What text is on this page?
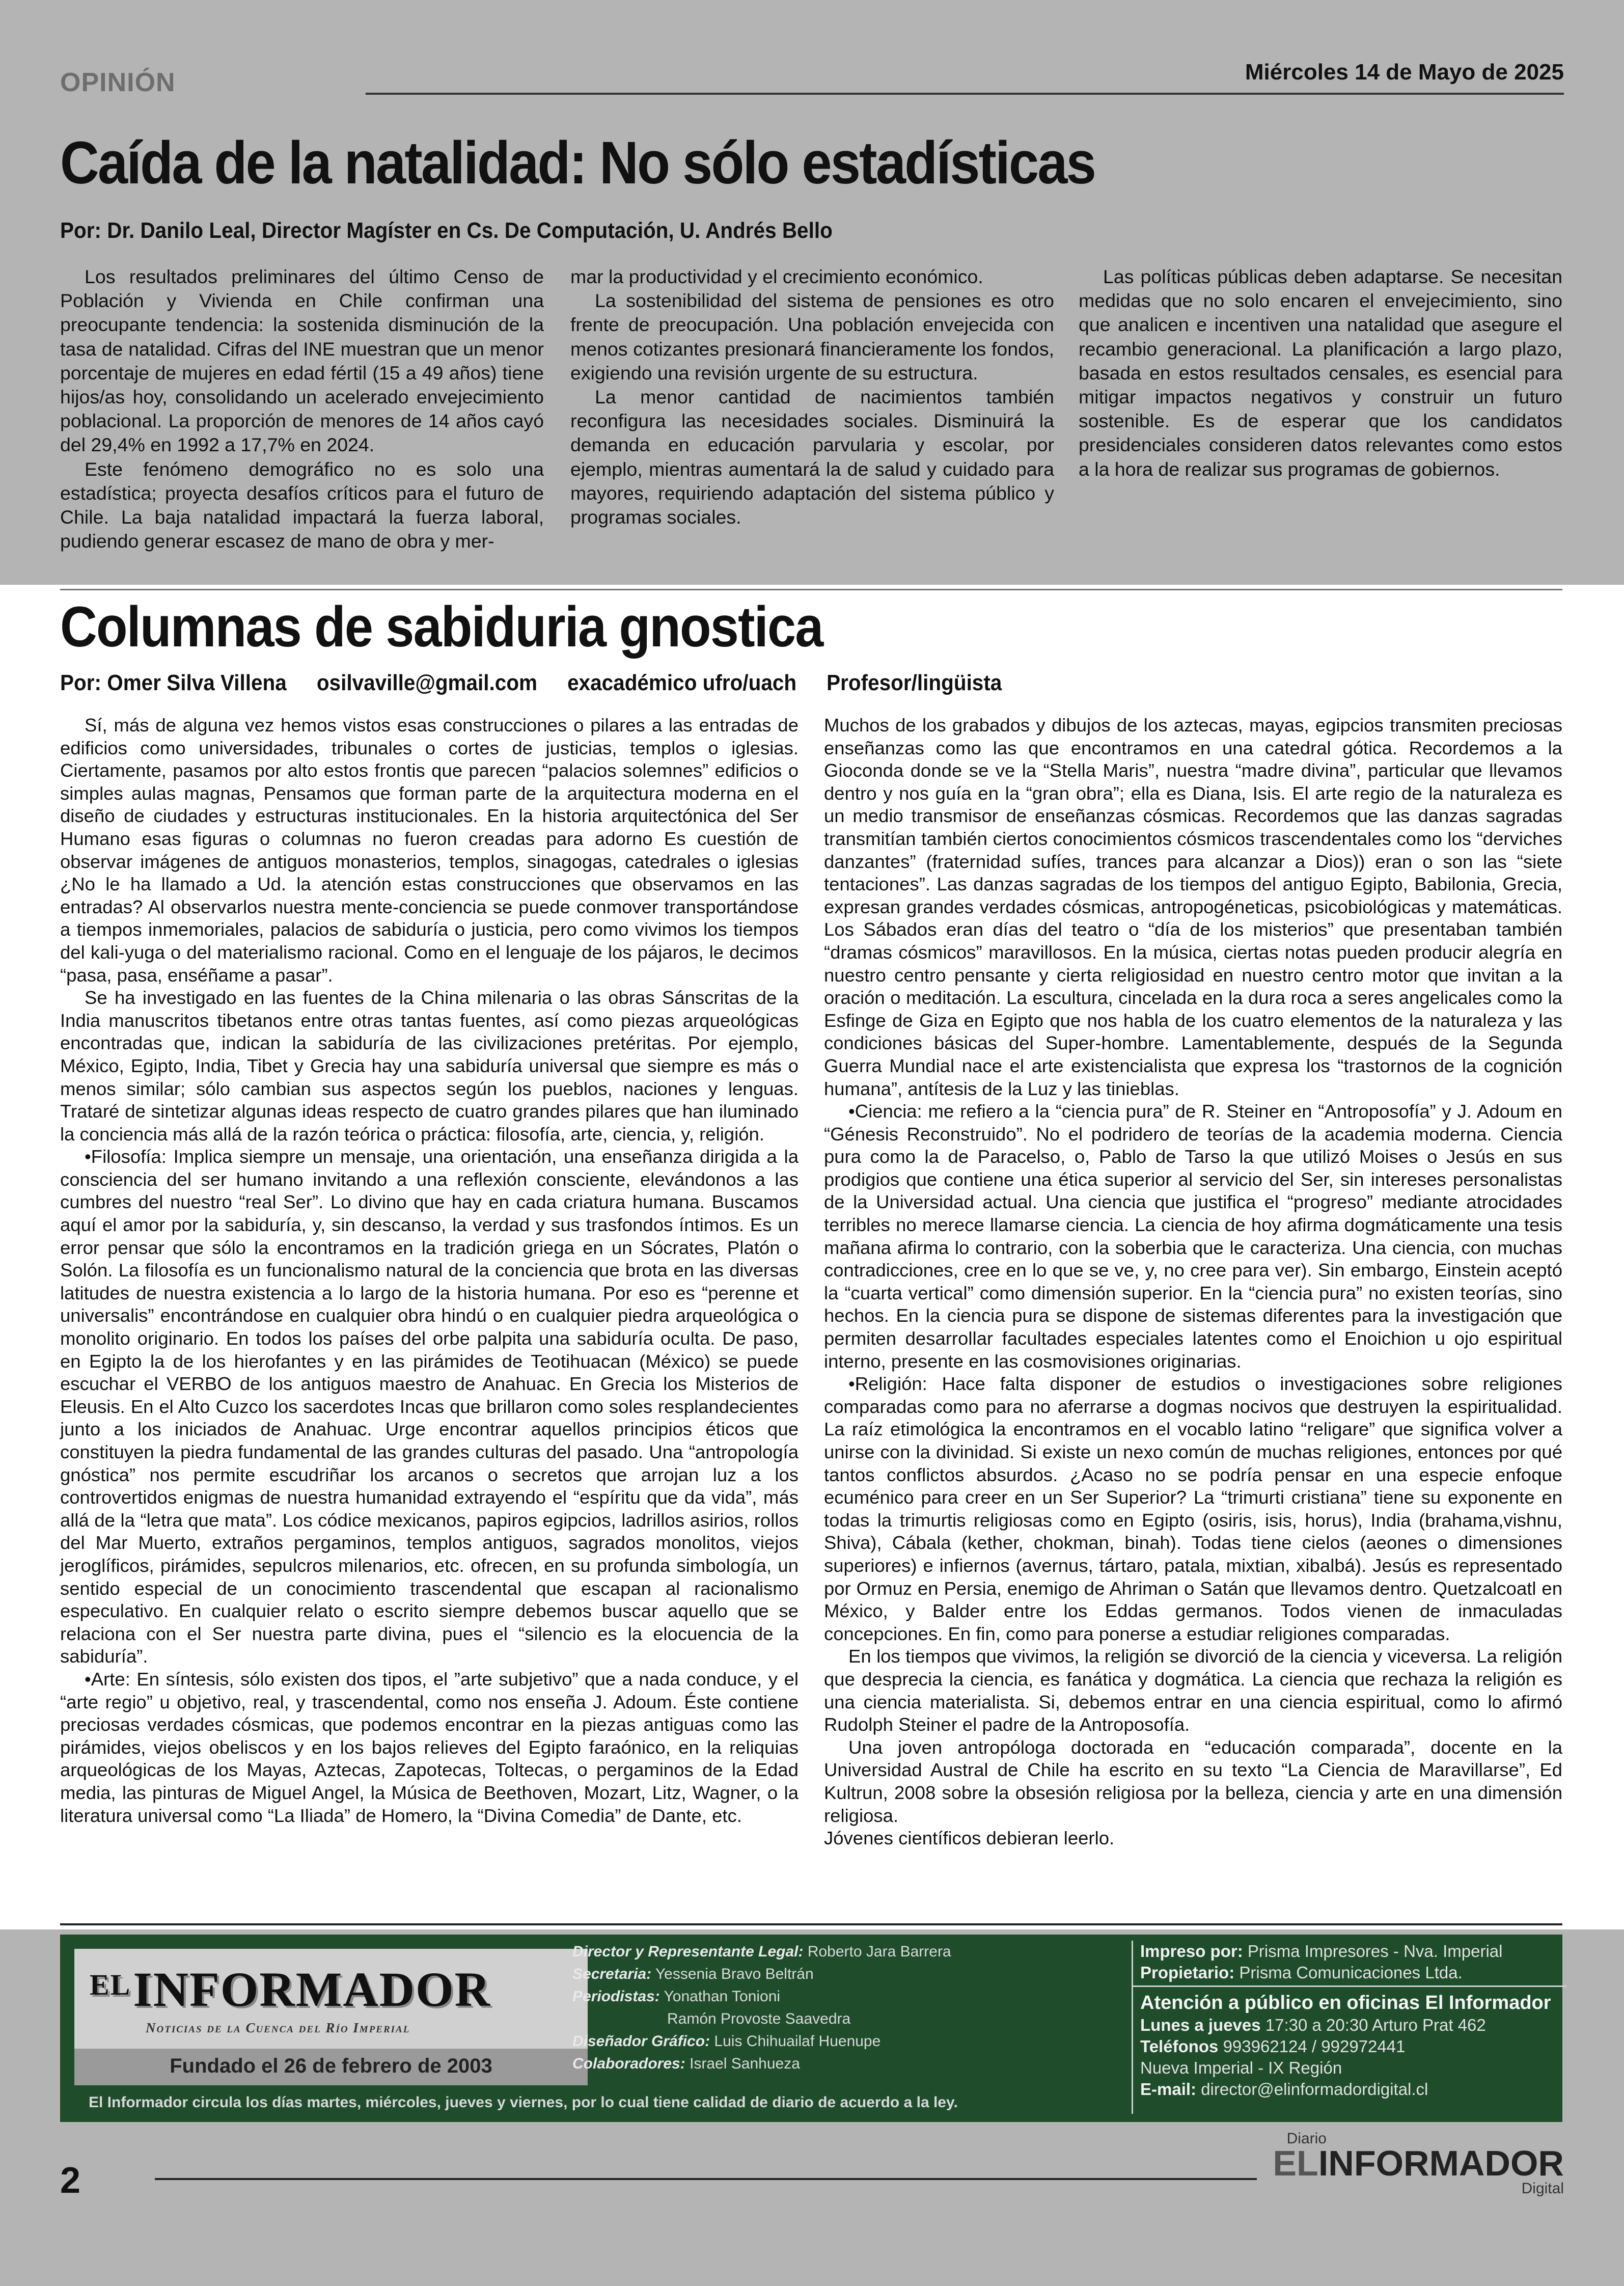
OPINIÓN	Miércoles 14 de Mayo de 2025
Caída de la natalidad: No sólo estadísticas
Por: Dr. Danilo Leal, Director Magíster en Cs. De Computación, U. Andrés Bello

Los resultados preliminares del último Censo de Población y Vivienda en Chile confirman una preocupante tendencia: la sostenida disminución de la tasa de natalidad. Cifras del INE muestran que un menor porcentaje de mujeres en edad fértil (15 a 49 años) tiene hijos/as hoy, consolidando un acelerado envejecimiento poblacional. La proporción de menores de 14 años cayó del 29,4% en 1992 a 17,7% en 2024.

Este fenómeno demográfico no es solo una estadística; proyecta desafíos críticos para el futuro de Chile. La baja natalidad impactará la fuerza laboral, pudiendo generar escasez de mano de obra y mer-

mar la productividad y el crecimiento económico.

La sostenibilidad del sistema de pensiones es otro frente de preocupación. Una población envejecida con menos cotizantes presionará financieramente los fondos, exigiendo una revisión urgente de su estructura.

La menor cantidad de nacimientos también reconfigura las necesidades sociales. Disminuirá la demanda en educación parvularia y escolar, por ejemplo, mientras aumentará la de salud y cuidado para mayores, requiriendo adaptación del sistema público y programas sociales.

Las políticas públicas deben adaptarse. Se necesitan medidas que no solo encaren el envejecimiento, sino que analicen e incentiven una natalidad que asegure el recambio generacional. La planificación a largo plazo, basada en estos resultados censales, es esencial para mitigar impactos negativos y construir un futuro sostenible. Es de esperar que los candidatos presidenciales consideren datos relevantes como estos a la hora de realizar sus programas de gobiernos.

Columnas de sabiduria gnostica
Por: Omer Silva Villena osilvaville@gmail.com exacadémico ufro/uach Profesor/lingüista

Sí, más de alguna vez hemos vistos esas construcciones o pilares a las entradas de edificios como universidades, tribunales o cortes de justicias, templos o iglesias. Ciertamente, pasamos por alto estos frontis que parecen “palacios solemnes” edificios o simples aulas magnas, Pensamos que forman parte de la arquitectura moderna en el diseño de ciudades y estructuras institucionales. En la historia arquitectónica del Ser Humano esas figuras o columnas no fueron creadas para adorno Es cuestión de observar imágenes de antiguos monasterios, templos, sinagogas, catedrales o iglesias ¿No le ha llamado a Ud. la atención estas construcciones que observamos en las entradas? Al observarlos nuestra mente-conciencia se puede conmover transportándose a tiempos inmemoriales, palacios de sabiduría o justicia, pero como vivimos los tiempos del kali-yuga o del materialismo racional. Como en el lenguaje de los pájaros, le decimos “pasa, pasa, enséñame a pasar”.

Se ha investigado en las fuentes de la China milenaria o las obras Sánscritas de la India manuscritos tibetanos entre otras tantas fuentes, así como piezas arqueológicas encontradas que, indican la sabiduría de las civilizaciones pretéritas. Por ejemplo, México, Egipto, India, Tibet y Grecia hay una sabiduría universal que siempre es más o menos similar; sólo cambian sus aspectos según los pueblos, naciones y lenguas. Trataré de sintetizar algunas ideas respecto de cuatro grandes pilares que han iluminado la conciencia más allá de la razón teórica o práctica: filosofía, arte, ciencia, y, religión.

•Filosofía: Implica siempre un mensaje, una orientación, una enseñanza dirigida a la consciencia del ser humano invitando a una reflexión consciente, elevándonos a las cumbres del nuestro “real Ser”. Lo divino que hay en cada criatura humana. Buscamos aquí el amor por la sabiduría, y, sin descanso, la verdad y sus trasfondos íntimos. Es un error pensar que sólo la encontramos en la tradición griega en un Sócrates, Platón o Solón. La filosofía es un funcionalismo natural de la conciencia que brota en las diversas latitudes de nuestra existencia a lo largo de la historia humana. Por eso es “perenne et universalis” encontrándose en cualquier obra hindú o en cualquier piedra arqueológica o monolito originario. En todos los países del orbe palpita una sabiduría oculta. De paso, en Egipto la de los hierofantes y en las pirámides de Teotihuacan (México) se puede escuchar el VERBO de los antiguos maestro de Anahuac. En Grecia los Misterios de Eleusis. En el Alto Cuzco los sacerdotes Incas que brillaron como soles resplandecientes junto a los iniciados de Anahuac. Urge encontrar aquellos principios éticos que constituyen la piedra fundamental de las grandes culturas del pasado. Una “antropología gnóstica” nos permite escudriñar los arcanos o secretos que arrojan luz a los controvertidos enigmas de nuestra humanidad extrayendo el “espíritu que da vida”, más allá de la “letra que mata”. Los códice mexicanos, papiros egipcios, ladrillos asirios, rollos del Mar Muerto, extraños pergaminos, templos antiguos, sagrados monolitos, viejos jeroglíficos, pirámides, sepulcros milenarios, etc. ofrecen, en su profunda simbología, un sentido especial de un conocimiento trascendental que escapan al racionalismo especulativo. En cualquier relato o escrito siempre debemos buscar aquello que se relaciona con el Ser nuestra parte divina, pues el “silencio es la elocuencia de la sabiduría”.

•Arte: En síntesis, sólo existen dos tipos, el ”arte subjetivo” que a nada conduce, y el “arte regio” u objetivo, real, y trascendental, como nos enseña J. Adoum. Éste contiene preciosas verdades cósmicas, que podemos encontrar en la piezas antiguas como las pirámides, viejos obeliscos y en los bajos relieves del Egipto faraónico, en la reliquias arqueológicas de los Mayas, Aztecas, Zapotecas, Toltecas, o pergaminos de la Edad media, las pinturas de Miguel Angel, la Música de Beethoven, Mozart, Litz, Wagner, o la literatura universal como “La Iliada” de Homero, la “Divina Comedia” de Dante, etc.

Muchos de los grabados y dibujos de los aztecas, mayas, egipcios transmiten preciosas enseñanzas como las que encontramos en una catedral gótica. Recordemos a la Gioconda donde se ve la “Stella Maris”, nuestra “madre divina”, particular que llevamos dentro y nos guía en la “gran obra”; ella es Diana, Isis. El arte regio de la naturaleza es un medio transmisor de enseñanzas cósmicas. Recordemos que las danzas sagradas transmitían también ciertos conocimientos cósmicos trascendentales como los “derviches danzantes” (fraternidad sufíes, trances para alcanzar a Dios)) eran o son las “siete tentaciones”. Las danzas sagradas de los tiempos del antiguo Egipto, Babilonia, Grecia, expresan grandes verdades cósmicas, antropogéneticas, psicobiológicas y matemáticas. Los Sábados eran días del teatro o “día de los misterios” que presentaban también “dramas cósmicos” maravillosos. En la música, ciertas notas pueden producir alegría en nuestro centro pensante y cierta religiosidad en nuestro centro motor que invitan a la oración o meditación. La escultura, cincelada en la dura roca a seres angelicales como la Esfinge de Giza en Egipto que nos habla de los cuatro elementos de la naturaleza y las condiciones básicas del Super-hombre. Lamentablemente, después de la Segunda Guerra Mundial nace el arte existencialista que expresa los “trastornos de la cognición humana”, antítesis de la Luz y las tinieblas.

•Ciencia: me refiero a la “ciencia pura” de R. Steiner en “Antroposofía” y J. Adoum en “Génesis Reconstruido”. No el podridero de teorías de la academia moderna. Ciencia pura como la de Paracelso, o, Pablo de Tarso la que utilizó Moises o Jesús en sus prodigios que contiene una ética superior al servicio del Ser, sin intereses personalistas de la Universidad actual. Una ciencia que justifica el “progreso” mediante atrocidades terribles no merece llamarse ciencia. La ciencia de hoy afirma dogmáticamente una tesis mañana afirma lo contrario, con la soberbia que le caracteriza. Una ciencia, con muchas contradicciones, cree en lo que se ve, y, no cree para ver). Sin embargo, Einstein aceptó la “cuarta vertical” como dimensión superior. En la “ciencia pura” no existen teorías, sino hechos. En la ciencia pura se dispone de sistemas diferentes para la investigación que permiten desarrollar facultades especiales latentes como el Enoichion u ojo espiritual interno, presente en las cosmovisiones originarias.

•Religión: Hace falta disponer de estudios o investigaciones sobre religiones comparadas como para no aferrarse a dogmas nocivos que destruyen la espiritualidad. La raíz etimológica la encontramos en el vocablo latino “religare” que significa volver a unirse con la divinidad. Si existe un nexo común de muchas religiones, entonces por qué tantos conflictos absurdos. ¿Acaso no se podría pensar en una especie enfoque ecuménico para creer en un Ser Superior? La “trimurti cristiana” tiene su exponente en todas la trimurtis religiosas como en Egipto (osiris, isis, horus), India (brahama,vishnu, Shiva), Cábala (kether, chokman, binah). Todas tiene cielos (aeones o dimensiones superiores) e infiernos (avernus, tártaro, patala, mixtian, xibalbá). Jesús es representado por Ormuz en Persia, enemigo de Ahriman o Satán que llevamos dentro. Quetzalcoatl en México, y Balder entre los Eddas germanos. Todos vienen de inmaculadas concepciones. En fin, como para ponerse a estudiar religiones comparadas.

En los tiempos que vivimos, la religión se divorció de la ciencia y viceversa. La religión que desprecia la ciencia, es fanática y dogmática. La ciencia que rechaza la religión es una ciencia materialista. Si, debemos entrar en una ciencia espiritual, como lo afirmó Rudolph Steiner el padre de la Antroposofía.

Una joven antropóloga doctorada en “educación comparada”, docente en la Universidad Austral de Chile ha escrito en su texto “La Ciencia de Maravillarse”, Ed Kultrun, 2008 sobre la obsesión religiosa por la belleza, ciencia y arte en una dimensión religiosa.

Jóvenes científicos debieran leerlo.

$^{EL}$INFORMADOR
Noticias de la Cuenca del Río Imperial
Fundado el 26 de febrero de 2003
Director y Representante Legal: Roberto Jara Barrera
Secretaria: Yessenia Bravo Beltrán
Periodistas: Yonathan Tonioni
Ramón Provoste Saavedra
Diseñador Gráfico: Luis Chihuailaf Huenupe
Colaboradores: Israel Sanhueza
Impreso por: Prisma Impresores - Nva. Imperial
Propietario: Prisma Comunicaciones Ltda.
Atención a público en oficinas El Informador
Lunes a jueves 17:30 a 20:30 Arturo Prat 462
Teléfonos 993962124 / 992972441
Nueva Imperial - IX Región
E-mail: director@elinformadordigital.cl
El Informador circula los días martes, miércoles, jueves y viernes, por lo cual tiene calidad de diario de acuerdo a la ley.
2
Diario
ELINFORMADOR
Digital
